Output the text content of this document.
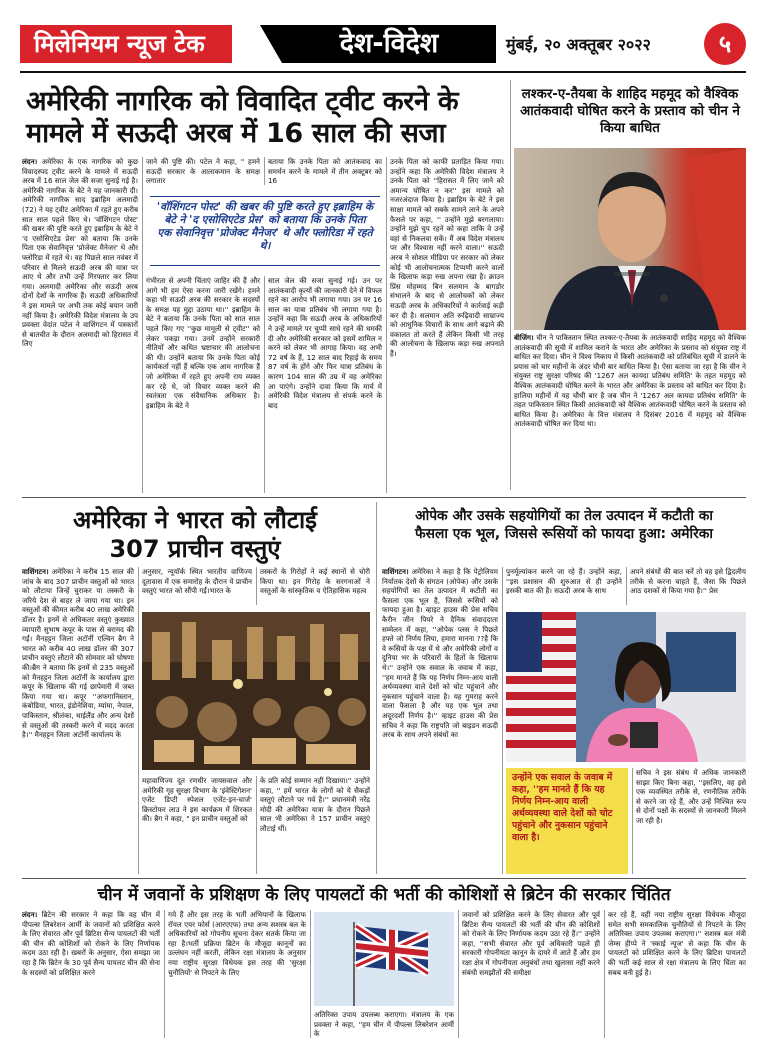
मिलेनियम न्यूज टेक	देश-विदेश	मुंबई, २० अक्तूबर २०२२	५
अमेरिकी नागरिक को विवादित ट्वीट करने के
मामले में सऊदी अरब में 16 साल की सजा
लंदन। अमेरिका के एक नागरिक को कुछ विवादस्पद ट्वीट करने के मामले में सऊदी अरब में 16 साल जेल की सजा सुनाई गई है। अमेरिकी नागरिक के बेटे ने यह जानकारी दी। अमेरिकी नागरिक साद इब्राहिम अलमादी (72) ने यह ट्वीट अमेरिका में रहते हुए करीब सात साल पहले किए थे। 'वॉशिंगटन पोस्ट' की खबर की पुष्टि करते हुए इब्राहिम के बेटे ने 'द एसोसिएटेड प्रेस' को बताया कि उनके पिता एक सेवानिवृत्त 'प्रोजेक्ट मैनेजर' थे और फ्लोरिडा में रहते थे। वह पिछले साल नवंबर में परिवार से मिलने सऊदी अरब की यात्रा पर आए थे और तभी उन्हें गिरफ्तार कर लिया गया। अलमादी अमेरिका और सऊदी अरब दोनों देशों के नागरिक हैं। सऊदी अधिकारियों ने इस मामले पर अभी तक कोई बयान जारी नहीं किया है। अमेरिकी विदेश मंत्रालय के उप प्रवक्ता वेदांत पटेल ने वाशिंगटन में पत्रकारों से बातचीत के दौरान अलमादी को हिरासत में लिए
जाने की पुष्टि की। पटेल ने कहा, " हमने सऊदी सरकार के आलाकमान के समक्ष लगातार
बताया कि उनके पिता को आतंकवाद का समर्थन करने के मामले में तीन अक्टूबर को 16
'वॉशिंगटन पोस्ट' की खबर की पुष्टि करते हुए इब्राहिम के बेटे ने 'द एसोसिएटेड प्रेस' को बताया कि उनके पिता एक सेवानिवृत्त 'प्रोजेक्ट मैनेजर' थे और फ्लोरिडा में रहते थे।
गंभीरता से अपनी चिंताएं जाहिर की हैं और आगे भी हम ऐसा करना जारी रखेंगे। हमने कहा भी सऊदी अरब की सरकार के सदस्यों के समक्ष यह मुद्दा उठाया था।'' इब्राहिम के बेटे ने बताया कि उनके पिता को सात साल पहले किए गए ''कुछ मामूली से ट्वीट'' को लेकर पकड़ा गया। उनमें उन्होंने सरकारी नीतियों और कथित भ्रष्टाचार की आलोचना की थी। उन्होंने बताया कि उनके पिता कोई कार्यकर्ता नहीं हैं बल्कि एक आम नागरिक हैं जो अमेरिका में रहते हुए अपनी राय व्यक्त कर रहे थे, जो विचार व्यक्त करने की स्वतंत्रता एक संवैधानिक अधिकार है। इब्राहिम के बेटे ने
साल जेल की सजा सुनाई गई। उन पर आतंकवादी कृत्यों की जानकारी देने में विफल रहने का आरोप भी लगाया गया। उन पर 16 साल का यात्रा प्रतिबंध भी लगाया गया है। उन्होंने कहा कि सऊदी अरब के अधिकारियों ने उन्हें मामले पर चुप्पी साधे रहने की धमकी दी और अमेरिकी सरकार को इसमें शामिल न करने को लेकर भी आगाह किया। वह अभी 72 वर्ष के हैं, 12 साल बाद रिहाई के समय 87 वर्ष के होंगे और फिर यात्रा प्रतिबंध के कारण 104 साल की उम्र में वह अमेरिका आ पाएंगे। उन्होंने दावा किया कि मार्च में अमेरिकी विदेश मंत्रालय से संपर्क करने के बाद
उनके पिता को काफी प्रताड़ित किया गया। उन्होंने कहा कि अमेरिकी विदेश मंत्रालय ने उनके पिता को ''हिरासत में लिए जाने को अमान्य घोषित न कर'' इस मामले को नजरअंदाज किया है। इब्राहिम के बेटे ने इस साक्षा मामले को सबके सामने लाने के अपने फैसले पर कहा, '' उन्होंने मुझे बरगलाया। उन्होंने मुझे चुप रहने को कहा ताकि वे उन्हें वहां से निकलवा सकें। मैं अब विदेश मंत्रालय पर और विश्वास नहीं करने वाला।'' सऊदी अरब ने सोशल मीडिया पर सरकार को लेकर कोई भी आलोचनात्मक टिप्पणी करने वालों के खिलाफ कड़ा रुख अपना रखा है। क्राउन प्रिंस मोहम्मद बिन सलमान के बागडोर संभालने के बाद से आलोचकों को लेकर सऊदी अरब के अधिकारियों ने कार्रवाई कड़ी कर दी है। सलमान अति रूढ़िवादी साम्राज्य को आधुनिक विचारों के साथ आगे बढ़ाने की वकालत तो करते हैं लेकिन किसी भी तरह की आलोचना के खिलाफ कड़ा रुख अपनाते हैं।
लश्कर-ए-तैयबा के शाहिद महमूद को वैश्विक आतंकवादी घोषित करने के प्रस्ताव को चीन ने किया बाधित
बीजिंग। चीन ने पाकिस्तान स्थित लश्कर-ए-तैयबा के आतंकवादी शाहिद महमूद को वैश्विक आतंकवादी की सूची में शामिल कराने के भारत और अमेरिका के प्रस्ताव को संयुक्त राष्ट्र में बाधित कर दिया। चीन ने विश्व निकाय में किसी आतंकवादी को प्रतिबंधित सूची में डालने के प्रयास को चार महीनों के अंदर चौथी बार बाधित किया है। ऐसा बताया जा रहा है कि चीन ने संयुक्त राष्ट्र सुरक्षा परिषद की '1267 अल कायदा प्रतिबंध समिति' के तहत महमूद को वैश्विक आतंकवादी घोषित करने के भारत और अमेरिका के प्रस्ताव को बाधित कर दिया है। हालिया महीनों में यह चौथी बार है जब चीन ने '1267 अल कायदा प्रतिबंध समिति' के तहत पाकिस्तान स्थित किसी आतंकवादी को वैश्विक आतंकवादी घोषित करने के प्रस्ताव को बाधित किया है। अमेरिका के वित्त मंत्रालय ने दिसंबर 2016 में महमूद को वैश्विक आतंकवादी घोषित कर दिया था।
अमेरिका ने भारत को लौटाई
307 प्राचीन वस्तुएं
वाशिंगटन। अमेरिका ने करीब 15 साल की जांच के बाद 307 प्राचीन वस्तुओं को भारत को लौटाया जिन्हें चुराकर या तस्करी के जरिये देश से बाहर ले जाया गया था। इन वस्तुओं की कीमत करीब 40 लाख अमेरिकी डॉलर है। इनमें से अधिकतर वस्तुएं कुख्यात व्यापारी सुभाष कपूर के पास से बरामद की गईं। मैनहट्टन जिला अटॉर्नी एल्विन ब्रैग ने भारत को करीब 40 लाख डॉलर की 307 प्राचीन वस्तुएं लौटाने की सोमवार को घोषणा की।ब्रैग ने बताया कि इनमें से 235 वस्तुओं को मैनहट्टन जिला अटॉर्नी के कार्यालय द्वारा कपूर के खिलाफ की गई छापेमारी में जब्त किया गया था। कपूर ''अफगानिस्तान, कंबोडिया, भारत, इंडोनेशिया, म्यांमा, नेपाल, पाकिस्तान, श्रीलंका, थाईलैंड और अन्य देशों से वस्तुओं की तस्करी करने में मदद करता है।'' मैनहट्टन जिला अटॉर्नी कार्यालय के
अनुसार, न्यूयॉर्क स्थित भारतीय वाणिज्य दूतावास में एक समारोह के दौरान ये प्राचीन वस्तुएं भारत को सौंपी गईं।भारत के
तस्करों के गिरोहों ने कई स्थानों से चोरी किया था। इन गिरोह के सरगनाओं ने वस्तुओं के सांस्कृतिक व ऐतिहासिक महत्व
महावाणिज्य दूत रणधीर जायसवाल और अमेरिकी गृह सुरक्षा विभाग के 'इंवेस्टिगेशन' एजेंट डिप्टी स्पेशल एजेंट-इन-चार्ज' क्रिस्टोफर लाउ ने इस कार्यक्रम में शिरकत की। ब्रैग ने कहा, " इन प्राचीन वस्तुओं को
के प्रति कोई सम्मान नहीं दिखाया।'' उन्होंने कहा, '' हमें भारत के लोगों को ये सैकड़ों वस्तुएं लौटाने पर गर्व है।'' प्रधानमंत्री नरेंद्र मोदी की अमेरिका यात्रा के दौरान पिछले साल भी अमेरिका ने 157 प्राचीन वस्तुएं लौटाई थीं।
ओपेक और उसके सहयोगियों का तेल उत्पादन में कटौती का
फैसला एक भूल, जिससे रूसियों को फायदा हुआ: अमेरिका
वाशिंगटन। अमेरिका ने कहा है कि पेट्रोलियम निर्यातक देशों के संगठन (ओपेक) और उसके सहयोगियों का तेल उत्पादन में कटौती का फैसला एक भूल है, जिससे रूसियों को फायदा हुआ है। व्हाइट हाउस की प्रेस सचिव कैरीन जीन पियरे ने दैनिक संवाददाता सम्मेलन में कहा, ''ओपेक प्लस ने पिछले हफ्ते जो निर्णय लिया, हमारा मानना ??है कि वे रूसियों के पक्ष में थे और अमेरिकी लोगों व दुनिया भर के परिवारों के हितों के खिलाफ थे।'' उन्होंने एक सवाल के जवाब में कहा, ''हम मानते हैं कि यह निर्णय निम्न-आय वाली अर्थव्यवस्था वाले देशों को चोट पहुंचाने और नुकसान पहुंचाने वाला है। यह गुमराह करने वाला फैसला है और यह एक भूल तथा अदूरदर्शी निर्णय है।'' व्हाइट हाउस की प्रेस सचिव ने कहा कि राष्ट्रपति जो बाइडन सऊदी अरब के साथ अपने संबंधों का
पुनर्मूल्यांकन करने जा रहे हैं। उन्होंने कहा, ''इस प्रशासन की शुरुआत से ही उन्होंने इसकी बात की है। सऊदी अरब के साथ
अपने संबंधों की बात करें तो वह इसे द्विदलीय तरीके से करना चाहते हैं, जैसा कि पिछले आठ दशकों से किया गया है।'' प्रेस
उन्होंने एक सवाल के जवाब में कहा, ''हम मानते हैं कि यह निर्णय निम्न-आय वाली अर्थव्यवस्था वाले देशों को चोट पहुंचाने और नुकसान पहुंचाने वाला है।
सचिव ने इस संबंध में अधिक जानकारी साझा किए बिना कहा, ''इसलिए, वह इसे एक व्यवस्थित तरीके से, रणनीतिक तरीके से करने जा रहे हैं, और उन्हें निश्चित रूप से दोनों पक्षों के सदस्यों से जानकारी मिलने जा रही है।
चीन में जवानों के प्रशिक्षण के लिए पायलटों की भर्ती की कोशिशों से ब्रिटेन की सरकार चिंतित
लंदन। ब्रिटेन की सरकार ने कहा कि वह चीन में पीपल्स लिबरेशन आर्मी के जवानों को प्रशिक्षित करने के लिए सेवारत और पूर्व ब्रिटिश सैन्य पायलटों की भर्ती की चीन की कोशिशों को रोकने के लिए निर्णायक कदम उठा रही है। खबरों के अनुसार, ऐसा समझा जा रहा है कि ब्रिटेन के 30 पूर्व सैन्य पायलट चीन की सेना के सदस्यों को प्रशिक्षित करने
गये हैं और इस तरह के भर्ती अभियानों के खिलाफ रॉयल एयर फोर्स (आरएएफ) तथा अन्य सशस्त्र बल के अधिकारियों को गोपनीय सूचना देकर सतर्क किया जा रहा है।भर्ती प्रक्रिया ब्रिटेन के मौजूदा कानूनों का उल्लंघन नहीं करती, लेकिन रक्षा मंत्रालय के अनुसार नया राष्ट्रीय सुरक्षा विधेयक इस तरह की 'सुरक्षा चुनौतियों' से निपटने के लिए
अतिरिक्त उपाय उपलब्ध कराएगा। मंत्रालय के एक प्रवक्ता ने कहा, ''हम चीन में पीपल्स लिबरेशन आर्मी के
जवानों को प्रशिक्षित करने के लिए सेवारत और पूर्व ब्रिटिश सैन्य पायलटों की भर्ती की चीन की कोशिशों को रोकने के लिए निर्णायक कदम उठा रहे हैं।'' उन्होंने कहा, ''सभी सेवारत और पूर्व अधिकारी पहले ही सरकारी गोपनीयता कानून के दायरे में आते हैं और हम रक्षा क्षेत्र में गोपनीयता अनुबंधों तथा खुलासा नहीं करने संबंधी समझौतों की समीक्षा
कर रहे हैं, वहीं नया राष्ट्रीय सुरक्षा विधेयक मौजूदा समेत सभी समकालिक चुनौतियों से निपटने के लिए अतिरिक्त उपाय उपलब्ध कराएगा।'' सशस्त्र बल मंत्री जेम्स हीप्पे ने 'स्काई न्यूज' से कहा कि चीन के पायलटों को प्रशिक्षित करने के लिए ब्रिटिश पायलटों की भर्ती कई साल से रक्षा मंत्रालय के लिए चिंता का सबब बनी हुई है।
